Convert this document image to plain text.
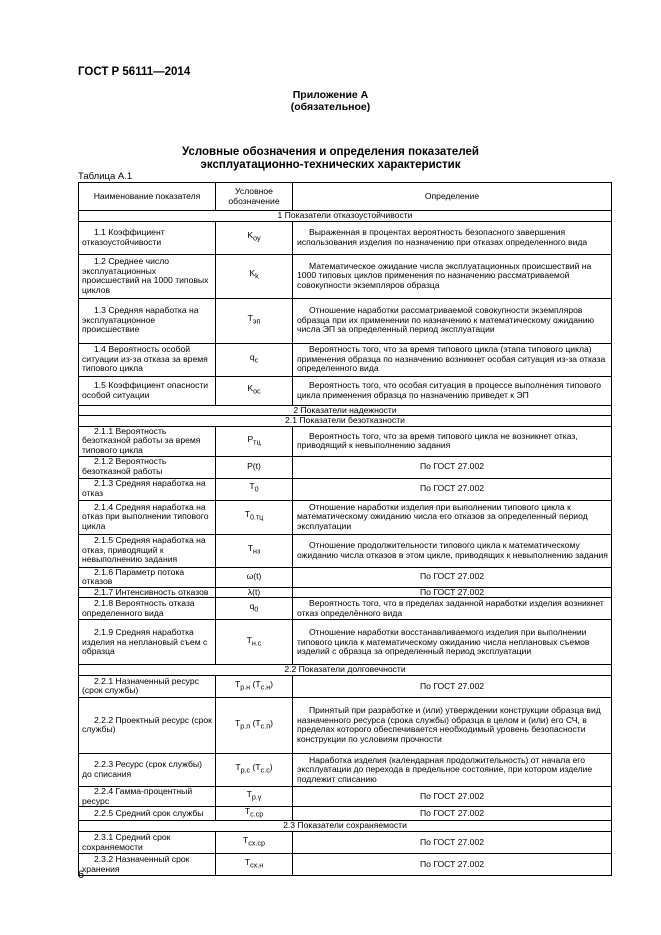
ГОСТ Р 56111—2014
Приложение А
(обязательное)
Условные обозначения и определения показателей
эксплуатационно-технических характеристик
Таблица А.1
Наименование показателя	Условное обозначение	Определение
1 Показатели отказоустойчивости		
1.1 Коэффициент отказоустойчивости	$K_{оу}$	Выраженная в процентах вероятность безопасного завершения использования изделия по назначению при отказах определенного вида
1.2 Среднее число эксплуатационных происшествий на 1000 типовых циклов	$K_k$	Математическое ожидание числа эксплуатационных происшествий на 1000 типовых циклов применения по назначению рассматриваемой совокупности экземпляров образца
1.3 Средняя наработка на эксплуатационное происшествие	$T_{эп}$	Отношение наработки рассматриваемой совокупности экземпляров образца при их применении по назначению к математическому ожиданию числа ЭП за определенный период эксплуатации
1.4 Вероятность особой ситуации из-за отказа за время типового цикла	$q_c$	Вероятность того, что за время типового цикла (этапа типового цикла) применения образца по назначению возникнет особая ситуация из-за отказа определенного вида
1.5 Коэффициент опасности особой ситуации	$K_{ос}$	Вероятность того, что особая ситуация в процессе выполнения типового цикла применения образца по назначению приведет к ЭП
2 Показатели надежности		
2.1 Показатели безотказности		
2.1.1 Вероятность безотказной работы за время типового цикла	$P_{тц}$	Вероятность того, что за время типового цикла не возникнет отказ, приводящий к невыполнению задания
2.1.2 Вероятность безотказной работы	P(t)	По ГОСТ 27.002
2.1.3 Средняя наработка на отказ	$T_0$	По ГОСТ 27.002
2.1.4 Средняя наработка на отказ при выполнении типового цикла	$T_{0.тц}$	Отношение наработки изделия при выполнении типового цикла к математическому ожиданию числа его отказов за определенный период эксплуатации
2.1.5 Средняя наработка на отказ, приводящий к невыполнению задания	$T_{нз}$	Отношение продолжительности типового цикла к математическому ожиданию числа отказов в этом цикле, приводящих к невыполнению задания
2.1.6 Параметр потока отказов	ω(t)	По ГОСТ 27.002
2.1.7 Интенсивность отказов	λ(t)	По ГОСТ 27.002
2.1.8 Вероятность отказа определенного вида	$q_0$	Вероятность того, что в пределах заданной наработки изделия возникнет отказ определённого вида
2.1.9 Средняя наработка изделия на неплановый съем с образца	$T_{н.с}$	Отношение наработки восстанавливаемого изделия при выполнении типового цикла к математическому ожиданию числа неплановых съемов изделий с образца за определенный период эксплуатации
2.2 Показатели долговечности		
2.2.1 Назначенный ресурс (срок службы)	$T_{р.н}$ $(T_{с.н})$	По ГОСТ 27.002
2.2.2 Проектный ресурс (срок службы)	$T_{р.п}$ $(T_{с.п})$	Принятый при разработке и (или) утверждении конструкции образца вид назначенного ресурса (срока службы) образца в целом и (или) его СЧ, в пределах которого обеспечивается необходимый уровень безопасности конструкции по условиям прочности
2.2.3 Ресурс (срок службы) до списания	$T_{р.с}$ $(T_{с.с})$	Наработка изделия (календарная продолжительность) от начала его эксплуатации до перехода в предельное состояние, при котором изделие подлежит списанию
2.2.4 Гамма-процентный ресурс	$T_{р.\gamma}$	По ГОСТ 27.002
2.2.5 Средний срок службы	$T_{с.ср}$	По ГОСТ 27.002
2.3 Показатели сохраняемости		
2.3.1 Средний срок сохраняемости	$T_{сх.ср}$	По ГОСТ 27.002
2.3.2 Назначенный срок хранения	$T_{сх.н}$	По ГОСТ 27.002
6
